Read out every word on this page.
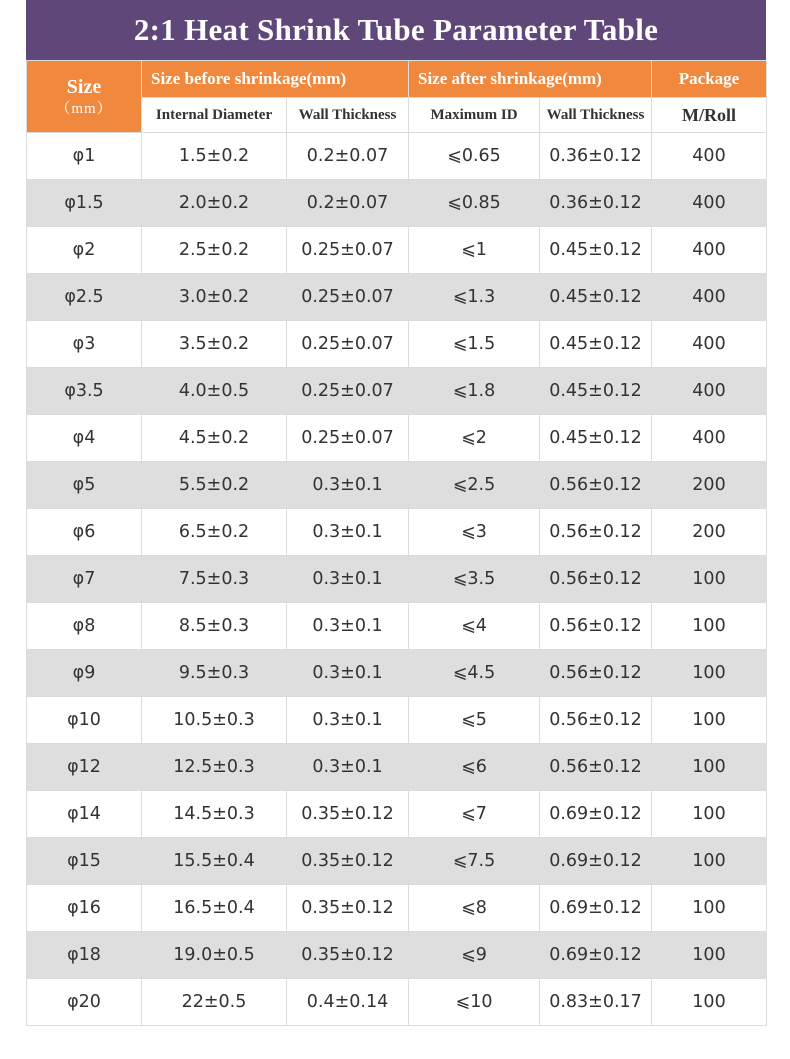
2:1 Heat Shrink Tube Parameter Table
Size
（mm）	Size before shrinkage(mm)		Size after shrinkage(mm)		Package
	Internal Diameter	Wall Thickness	Maximum ID	Wall Thickness	M/Roll
φ1	1.5±0.2	0.2±0.07	⩽0.65	0.36±0.12	400
φ1.5	2.0±0.2	0.2±0.07	⩽0.85	0.36±0.12	400
φ2	2.5±0.2	0.25±0.07	⩽1	0.45±0.12	400
φ2.5	3.0±0.2	0.25±0.07	⩽1.3	0.45±0.12	400
φ3	3.5±0.2	0.25±0.07	⩽1.5	0.45±0.12	400
φ3.5	4.0±0.5	0.25±0.07	⩽1.8	0.45±0.12	400
φ4	4.5±0.2	0.25±0.07	⩽2	0.45±0.12	400
φ5	5.5±0.2	0.3±0.1	⩽2.5	0.56±0.12	200
φ6	6.5±0.2	0.3±0.1	⩽3	0.56±0.12	200
φ7	7.5±0.3	0.3±0.1	⩽3.5	0.56±0.12	100
φ8	8.5±0.3	0.3±0.1	⩽4	0.56±0.12	100
φ9	9.5±0.3	0.3±0.1	⩽4.5	0.56±0.12	100
φ10	10.5±0.3	0.3±0.1	⩽5	0.56±0.12	100
φ12	12.5±0.3	0.3±0.1	⩽6	0.56±0.12	100
φ14	14.5±0.3	0.35±0.12	⩽7	0.69±0.12	100
φ15	15.5±0.4	0.35±0.12	⩽7.5	0.69±0.12	100
φ16	16.5±0.4	0.35±0.12	⩽8	0.69±0.12	100
φ18	19.0±0.5	0.35±0.12	⩽9	0.69±0.12	100
φ20	22±0.5	0.4±0.14	⩽10	0.83±0.17	100
